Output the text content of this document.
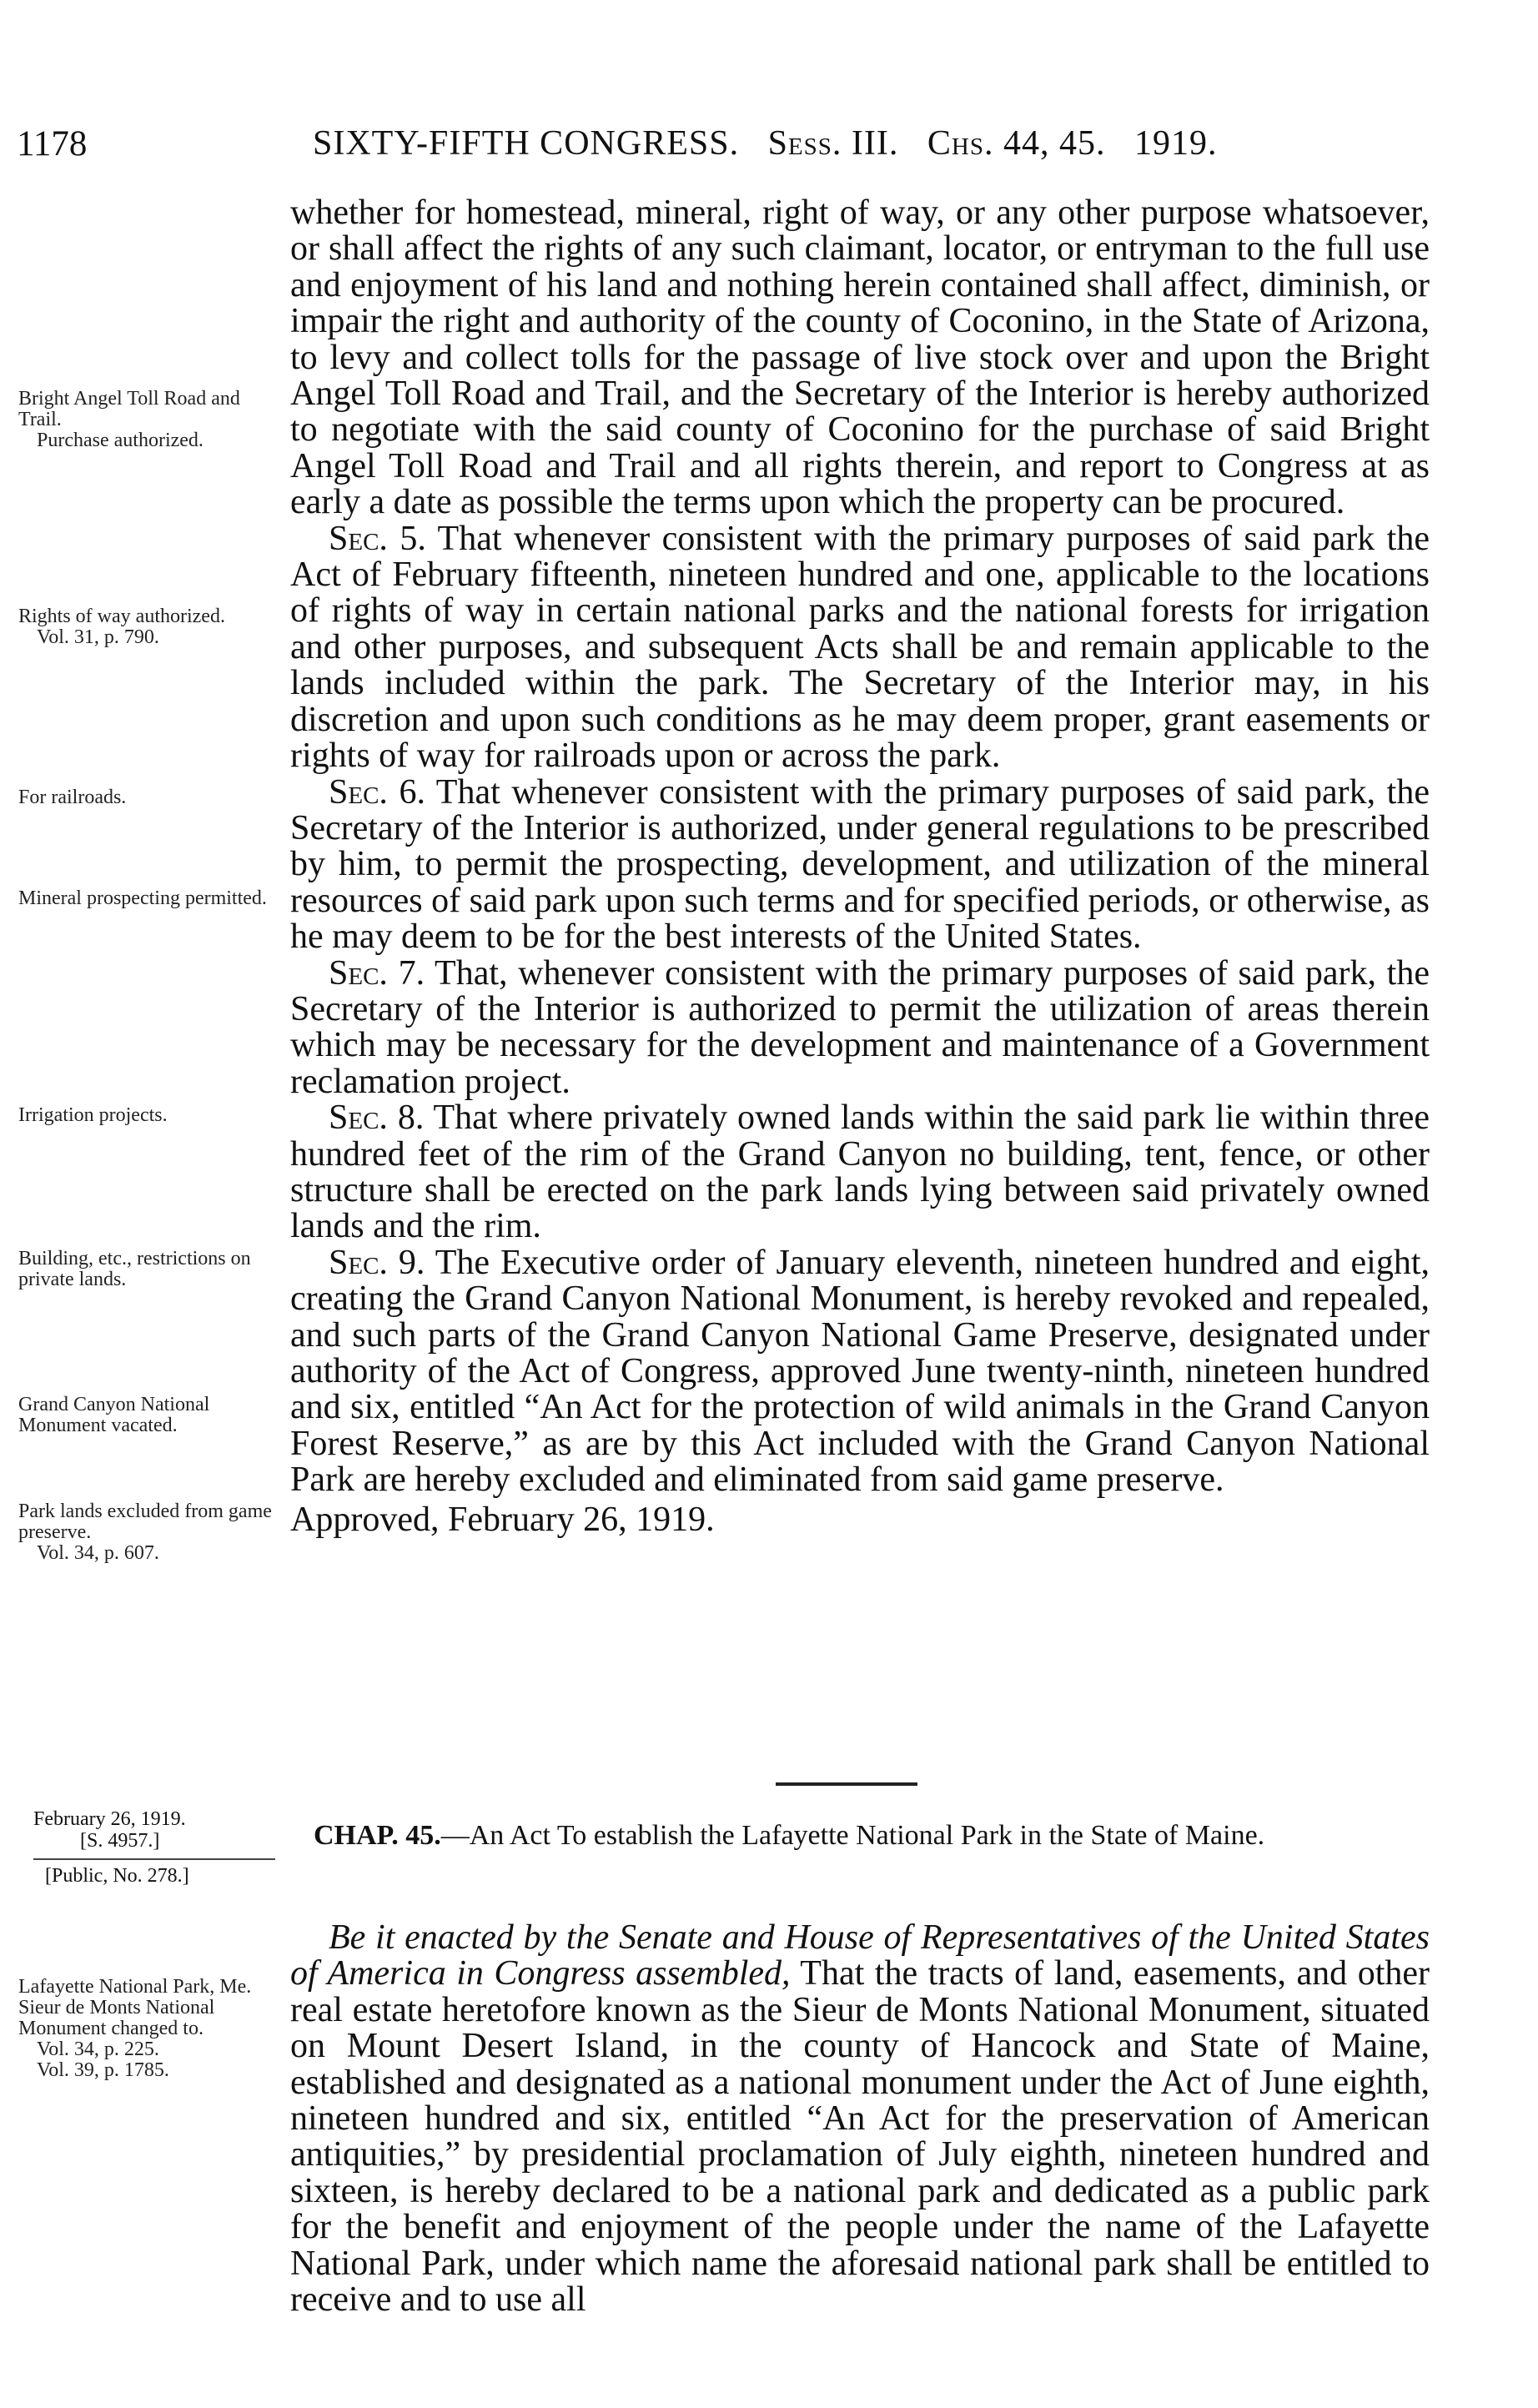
1178	SIXTY-FIFTH CONGRESS. Sess. III. Chs. 44, 45. 1919.
Bright Angel Toll Road and Trail.
Purchase authorized.
Rights of way authorized.
Vol. 31, p. 790.
For railroads.
Mineral prospecting permitted.
Irrigation projects.
Building, etc., restrictions on private lands.
Grand Canyon National Monument vacated.
Park lands excluded from game preserve.
Vol. 34, p. 607.
Lafayette National Park, Me.
Sieur de Monts National Monument changed to.
Vol. 34, p. 225.
Vol. 39, p. 1785.

whether for homestead, mineral, right of way, or any other purpose whatsoever, or shall affect the rights of any such claimant, locator, or entryman to the full use and enjoyment of his land and nothing herein contained shall affect, diminish, or impair the right and authority of the county of Coconino, in the State of Arizona, to levy and collect tolls for the passage of live stock over and upon the Bright Angel Toll Road and Trail, and the Secretary of the Interior is hereby authorized to negotiate with the said county of Coconino for the purchase of said Bright Angel Toll Road and Trail and all rights therein, and report to Congress at as early a date as possible the terms upon which the property can be procured.

Sec. 5. That whenever consistent with the primary purposes of said park the Act of February fifteenth, nineteen hundred and one, applicable to the locations of rights of way in certain national parks and the national forests for irrigation and other purposes, and subsequent Acts shall be and remain applicable to the lands included within the park. The Secretary of the Interior may, in his discretion and upon such conditions as he may deem proper, grant easements or rights of way for railroads upon or across the park.

Sec. 6. That whenever consistent with the primary purposes of said park, the Secretary of the Interior is authorized, under general regulations to be prescribed by him, to permit the prospecting, development, and utilization of the mineral resources of said park upon such terms and for specified periods, or otherwise, as he may deem to be for the best interests of the United States.

Sec. 7. That, whenever consistent with the primary purposes of said park, the Secretary of the Interior is authorized to permit the utilization of areas therein which may be necessary for the development and maintenance of a Government reclamation project.

Sec. 8. That where privately owned lands within the said park lie within three hundred feet of the rim of the Grand Canyon no building, tent, fence, or other structure shall be erected on the park lands lying between said privately owned lands and the rim.

Sec. 9. The Executive order of January eleventh, nineteen hundred and eight, creating the Grand Canyon National Monument, is hereby revoked and repealed, and such parts of the Grand Canyon National Game Preserve, designated under authority of the Act of Congress, approved June twenty-ninth, nineteen hundred and six, entitled “An Act for the protection of wild animals in the Grand Canyon Forest Reserve,” as are by this Act included with the Grand Canyon National Park are hereby excluded and eliminated from said game preserve.

Approved, February 26, 1919.

February 26, 1919.
[S. 4957.]
[Public, No. 278.]
CHAP. 45.—An Act To establish the Lafayette National Park in the State of Maine.

Be it enacted by the Senate and House of Representatives of the United States of America in Congress assembled, That the tracts of land, easements, and other real estate heretofore known as the Sieur de Monts National Monument, situated on Mount Desert Island, in the county of Hancock and State of Maine, established and designated as a national monument under the Act of June eighth, nineteen hundred and six, entitled “An Act for the preservation of American antiquities,” by presidential proclamation of July eighth, nineteen hundred and sixteen, is hereby declared to be a national park and dedicated as a public park for the benefit and enjoyment of the people under the name of the Lafayette National Park, under which name the aforesaid national park shall be entitled to receive and to use all
